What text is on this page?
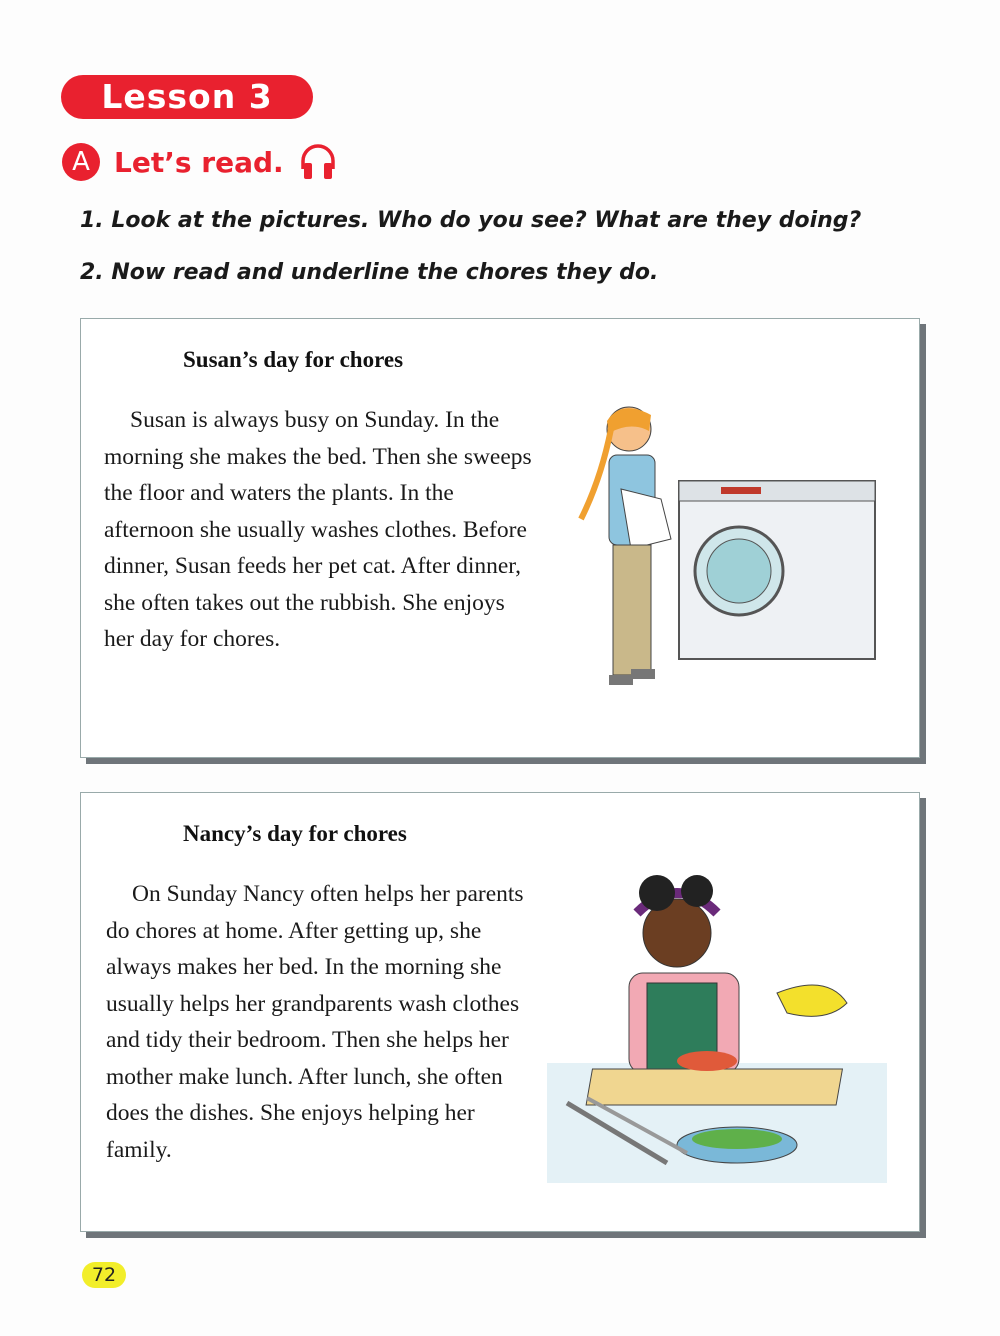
Lesson 3
A Let’s read.
1. Look at the pictures. Who do you see? What are they doing?
2. Now read and underline the chores they do.
Susan’s day for chores
Susan is always busy on Sunday. In the morning she makes the bed. Then she sweeps the floor and waters the plants. In the afternoon she usually washes clothes. Before dinner, Susan feeds her pet cat. After dinner, she often takes out the rubbish. She enjoys her day for chores.
Nancy’s day for chores
On Sunday Nancy often helps her parents do chores at home. After getting up, she always makes her bed. In the morning she usually helps her grandparents wash clothes and tidy their bedroom. Then she helps her mother make lunch. After lunch, she often does the dishes. She enjoys helping her family.
72
